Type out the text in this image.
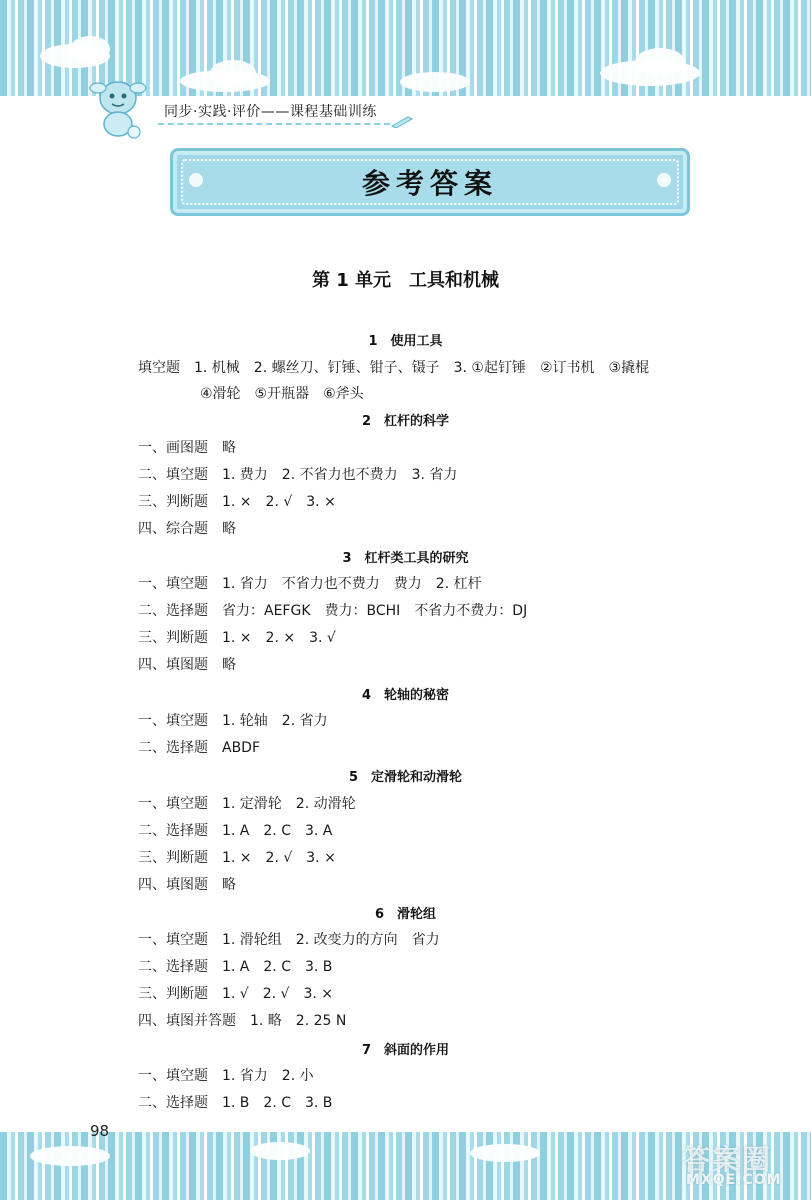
同步·实践·评价——课程基础训练
参考答案
第 1 单元　工具和机械
1　使用工具
填空题　1. 机械　2. 螺丝刀、钉锤、钳子、镊子　3. ①起钉锤　②订书机　③撬棍
④滑轮　⑤开瓶器　⑥斧头
2　杠杆的科学
一、画图题　略
二、填空题　1. 费力　2. 不省力也不费力　3. 省力
三、判断题　1. ×　2. √　3. ×
四、综合题　略
3　杠杆类工具的研究
一、填空题　1. 省力　不省力也不费力　费力　2. 杠杆
二、选择题　省力：AEFGK　费力：BCHI　不省力不费力：DJ
三、判断题　1. ×　2. ×　3. √
四、填图题　略
4　轮轴的秘密
一、填空题　1. 轮轴　2. 省力
二、选择题　ABDF
5　定滑轮和动滑轮
一、填空题　1. 定滑轮　2. 动滑轮
二、选择题　1. A　2. C　3. A
三、判断题　1. ×　2. √　3. ×
四、填图题　略
6　滑轮组
一、填空题　1. 滑轮组　2. 改变力的方向　省力
二、选择题　1. A　2. C　3. B
三、判断题　1. √　2. √　3. ×
四、填图并答题　1. 略　2. 25 N
7　斜面的作用
一、填空题　1. 省力　2. 小
二、选择题　1. B　2. C　3. B
98
答案圈
MXQE.COM
